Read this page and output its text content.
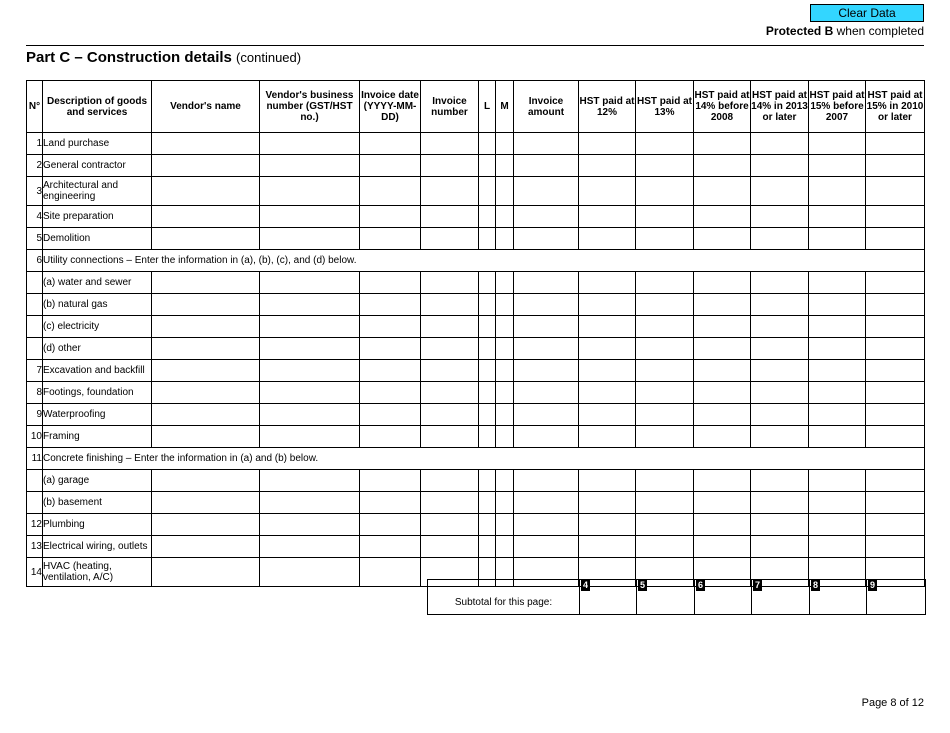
Clear Data
Protected B when completed
Part C – Construction details (continued)
N°	Description of goods and services	Vendor's name	Vendor's business number (GST/HST no.)	Invoice date (YYYY-MM-DD)	Invoice number	L	M	Invoice amount	HST paid at 12%	HST paid at 13%	HST paid at 14% before 2008	HST paid at 14% in 2013 or later	HST paid at 15% before 2007	HST paid at 15% in 2010 or later
1	Land purchase													
2	General contractor													
3	Architectural and engineering													
4	Site preparation													
5	Demolition													
6	Utility connections – Enter the information in (a), (b), (c), and (d) below.													
	(a) water and sewer													
	(b) natural gas													
	(c) electricity													
	(d) other													
7	Excavation and backfill													
8	Footings, foundation													
9	Waterproofing													
10	Framing													
11	Concrete finishing – Enter the information in (a) and (b) below.													
	(a) garage													
	(b) basement													
12	Plumbing													
13	Electrical wiring, outlets													
14	HVAC (heating, ventilation, A/C)													
Subtotal for this page:	
4	5	6	7	8	9
Page 8 of 12
